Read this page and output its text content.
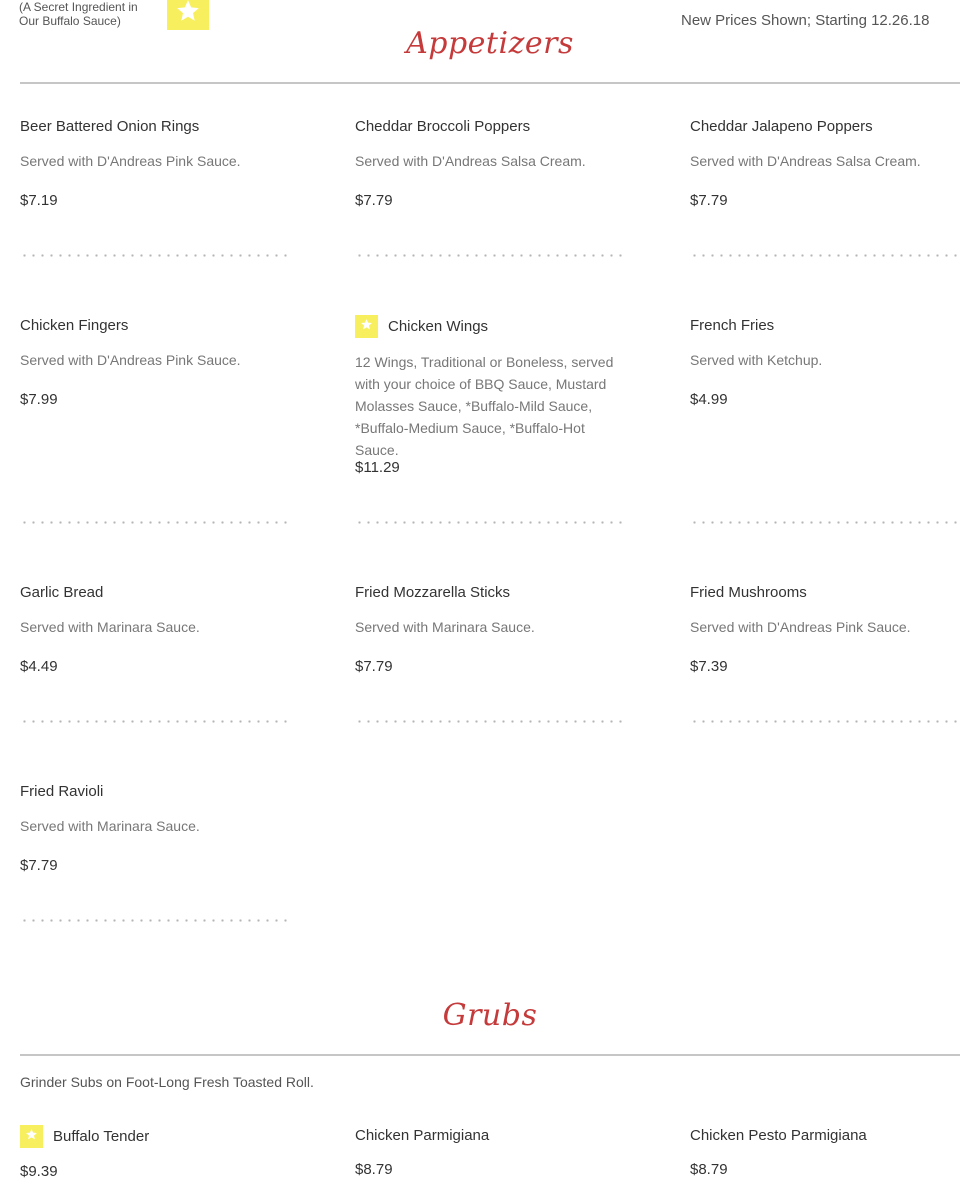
(A Secret Ingredient in Our Buffalo Sauce)	New Prices Shown; Starting 12.26.18
Appetizers
Beer Battered Onion Rings
Served with D'Andreas Pink Sauce.
$7.19
Cheddar Broccoli Poppers
Served with D'Andreas Salsa Cream.
$7.79
Cheddar Jalapeno Poppers
Served with D'Andreas Salsa Cream.
$7.79
Chicken Fingers
Served with D'Andreas Pink Sauce.
$7.99
Chicken Wings
12 Wings, Traditional or Boneless, served with your choice of BBQ Sauce, Mustard Molasses Sauce, *Buffalo-Mild Sauce, *Buffalo-Medium Sauce, *Buffalo-Hot Sauce.
$11.29
French Fries
Served with Ketchup.
$4.99
Garlic Bread
Served with Marinara Sauce.
$4.49
Fried Mozzarella Sticks
Served with Marinara Sauce.
$7.79
Fried Mushrooms
Served with D'Andreas Pink Sauce.
$7.39
Fried Ravioli
Served with Marinara Sauce.
$7.79
Grubs
Grinder Subs on Foot-Long Fresh Toasted Roll.
Buffalo Tender
$9.39
Chicken Parmigiana
$8.79
Chicken Pesto Parmigiana
$8.79
